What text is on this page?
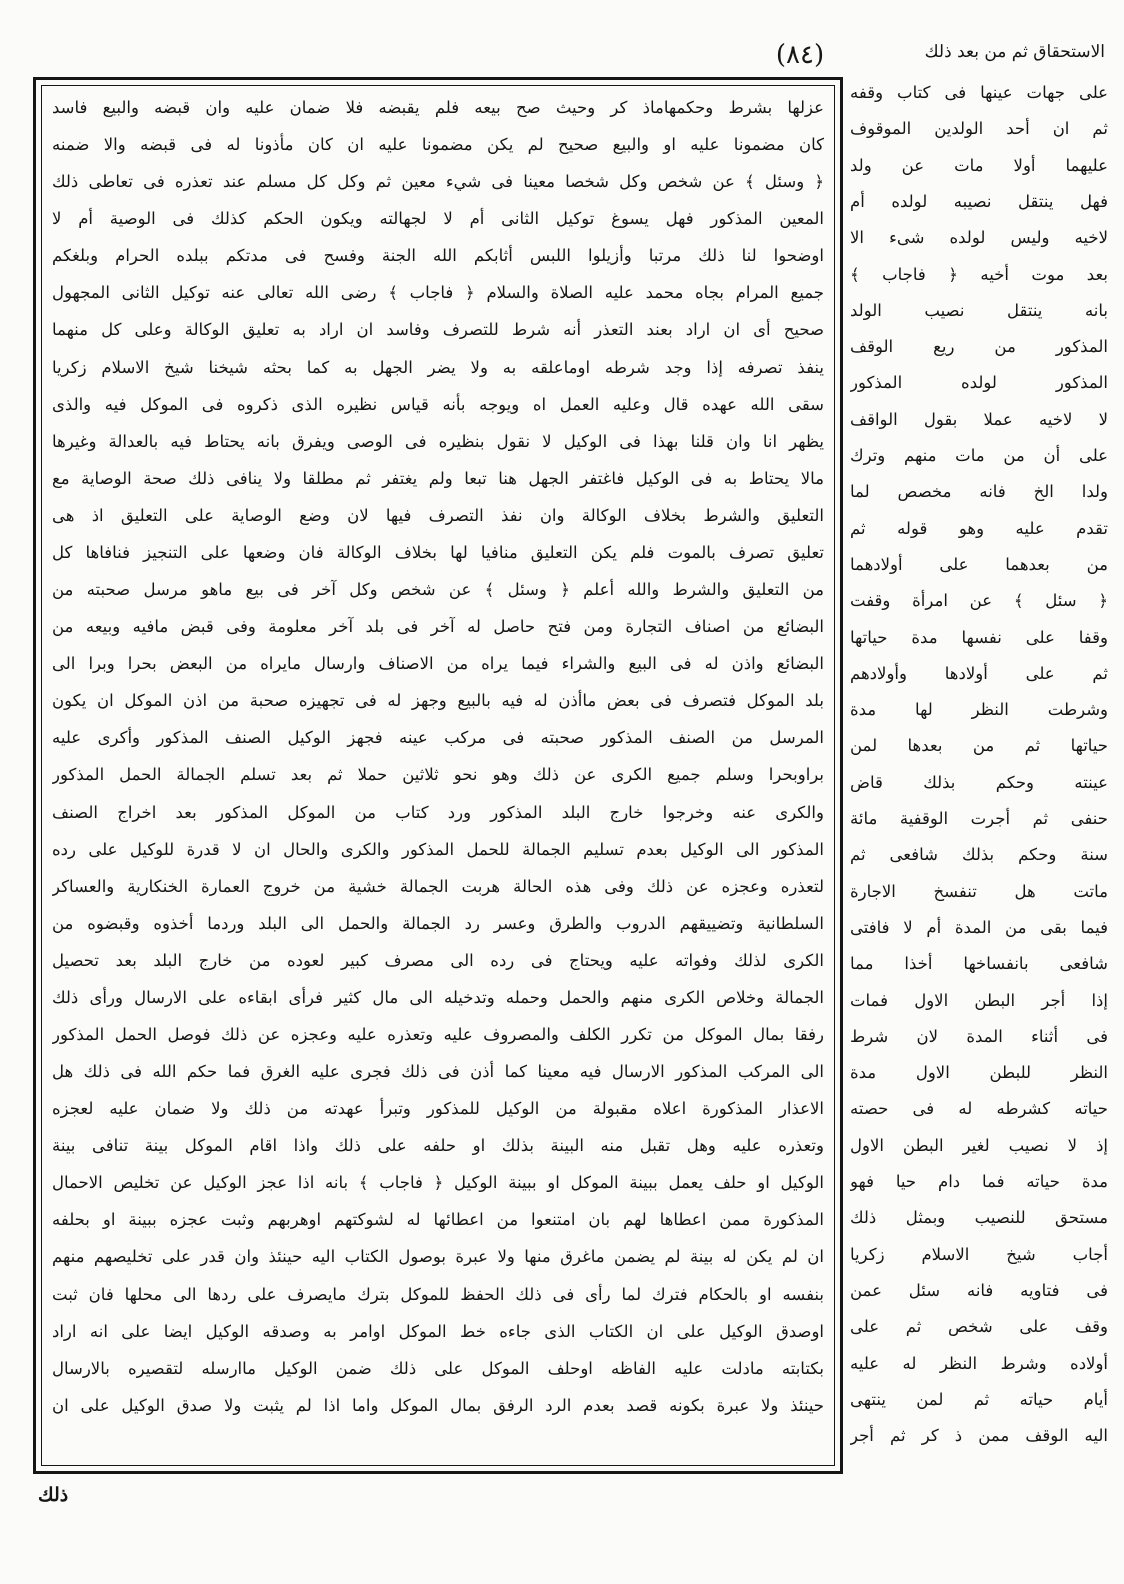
الاستحقاق ثم من بعد ذلك
(٨٤)
عزلها بشرط وحكمهاماذ كر وحيث صح بيعه فلم يقبضه فلا ضمان عليه وان قبضه والبيع فاسد
كان مضمونا عليه او والبيع صحيح لم يكن مضمونا عليه ان كان مأذونا له فى قبضه والا ضمنه
﴿ وسئل ﴾ عن شخص وكل شخصا معينا فى شيء معين ثم وكل كل مسلم عند تعذره فى تعاطى ذلك
المعين المذكور فهل يسوغ توكيل الثانى أم لا لجهالته ويكون الحكم كذلك فى الوصية أم لا
اوضحوا لنا ذلك مرتبا وأزيلوا اللبس أثابكم الله الجنة وفسح فى مدتكم ببلده الحرام وبلغكم
جميع المرام بجاه محمد عليه الصلاة والسلام ﴿ فاجاب ﴾ رضى الله تعالى عنه توكيل الثانى المجهول
صحيح أى ان اراد بعند التعذر أنه شرط للتصرف وفاسد ان اراد به تعليق الوكالة وعلى كل منهما
ينفذ تصرفه إذا وجد شرطه اوماعلقه به ولا يضر الجهل به كما بحثه شيخنا شيخ الاسلام زكريا
سقى الله عهده قال وعليه العمل اه ويوجه بأنه قياس نظيره الذى ذكروه فى الموكل فيه والذى
يظهر انا وان قلنا بهذا فى الوكيل لا نقول بنظيره فى الوصى ويفرق بانه يحتاط فيه بالعدالة وغيرها
مالا يحتاط به فى الوكيل فاغتفر الجهل هنا تبعا ولم يغتفر ثم مطلقا ولا ينافى ذلك صحة الوصاية مع
التعليق والشرط بخلاف الوكالة وان نفذ التصرف فيها لان وضع الوصاية على التعليق اذ هى
تعليق تصرف بالموت فلم يكن التعليق منافيا لها بخلاف الوكالة فان وضعها على التنجيز فنافاها كل
من التعليق والشرط والله أعلم ﴿ وسئل ﴾ عن شخص وكل آخر فى بيع ماهو مرسل صحبته من
البضائع من اصناف التجارة ومن فتح حاصل له آخر فى بلد آخر معلومة وفى قبض مافيه وبيعه من
البضائع واذن له فى البيع والشراء فيما يراه من الاصناف وارسال مايراه من البعض بحرا وبرا الى
بلد الموكل فتصرف فى بعض ماأذن له فيه بالبيع وجهز له فى تجهيزه صحبة من اذن الموكل ان يكون
المرسل من الصنف المذكور صحبته فى مركب عينه فجهز الوكيل الصنف المذكور وأكرى عليه
براوبحرا وسلم جميع الكرى عن ذلك وهو نحو ثلاثين حملا ثم بعد تسلم الجمالة الحمل المذكور
والكرى عنه وخرجوا خارج البلد المذكور ورد كتاب من الموكل المذكور بعد اخراج الصنف
المذكور الى الوكيل بعدم تسليم الجمالة للحمل المذكور والكرى والحال ان لا قدرة للوكيل على رده
لتعذره وعجزه عن ذلك وفى هذه الحالة هربت الجمالة خشية من خروج العمارة الخنكارية والعساكر
السلطانية وتضييقهم الدروب والطرق وعسر رد الجمالة والحمل الى البلد وردما أخذوه وقبضوه من
الكرى لذلك وفواته عليه ويحتاج فى رده الى مصرف كبير لعوده من خارج البلد بعد تحصيل
الجمالة وخلاص الكرى منهم والحمل وحمله وتدخيله الى مال كثير فرأى ابقاءه على الارسال ورأى ذلك
رفقا بمال الموكل من تكرر الكلف والمصروف عليه وتعذره عليه وعجزه عن ذلك فوصل الحمل المذكور
الى المركب المذكور الارسال فيه معينا كما أذن فى ذلك فجرى عليه الغرق فما حكم الله فى ذلك هل
الاعذار المذكورة اعلاه مقبولة من الوكيل للمذكور وتبرأ عهدته من ذلك ولا ضمان عليه لعجزه
وتعذره عليه وهل تقبل منه البينة بذلك او حلفه على ذلك واذا اقام الموكل بينة تنافى بينة
الوكيل او حلف يعمل ببينة الموكل او ببينة الوكيل ﴿ فاجاب ﴾ بانه اذا عجز الوكيل عن تخليص الاحمال
المذكورة ممن اعطاها لهم بان امتنعوا من اعطائها له لشوكتهم اوهربهم وثبت عجزه ببينة او بحلفه
ان لم يكن له بينة لم يضمن ماغرق منها ولا عبرة بوصول الكتاب اليه حينئذ وان قدر على تخليصهم منهم
بنفسه او بالحكام فترك لما رأى فى ذلك الحفظ للموكل بترك مايصرف على ردها الى محلها فان ثبت
اوصدق الوكيل على ان الكتاب الذى جاءه خط الموكل اوامر به وصدقه الوكيل ايضا على انه اراد
بكتابته مادلت عليه الفاظه اوحلف الموكل على ذلك ضمن الوكيل ماارسله لتقصيره بالارسال
حينئذ ولا عبرة بكونه قصد بعدم الرد الرفق بمال الموكل واما اذا لم يثبت ولا صدق الوكيل على ان
على جهات عينها فى كتاب وقفه
ثم ان أحد الولدين الموقوف
عليهما أولا مات عن ولد
فهل ينتقل نصيبه لولده أم
لاخيه وليس لولده شىء الا
بعد موت أخيه ﴿ فاجاب ﴾
بانه ينتقل نصيب الولد
المذكور من ريع الوقف
المذكور لولده المذكور
لا لاخيه عملا بقول الواقف
على أن من مات منهم وترك
ولدا الخ فانه مخصص لما
تقدم عليه وهو قوله ثم
من بعدهما على أولادهما
﴿ سئل ﴾ عن امرأة وقفت
وقفا على نفسها مدة حياتها
ثم على أولادها وأولادهم
وشرطت النظر لها مدة
حياتها ثم من بعدها لمن
عينته وحكم بذلك قاض
حنفى ثم أجرت الوقفية مائة
سنة وحكم بذلك شافعى ثم
ماتت هل تنفسخ الاجارة
فيما بقى من المدة أم لا فافتى
شافعى بانفساخها أخذا مما
إذا أجر البطن الاول فمات
فى أثناء المدة لان شرط
النظر للبطن الاول مدة
حياته كشرطه له فى حصته
إذ لا نصيب لغير البطن الاول
مدة حياته فما دام حيا فهو
مستحق للنصيب وبمثل ذلك
أجاب شيخ الاسلام زكريا
فى فتاويه فانه سئل عمن
وقف على شخص ثم على
أولاده وشرط النظر له عليه
أيام حياته ثم لمن ينتهى
اليه الوقف ممن ذ كر ثم أجر
ذلك
